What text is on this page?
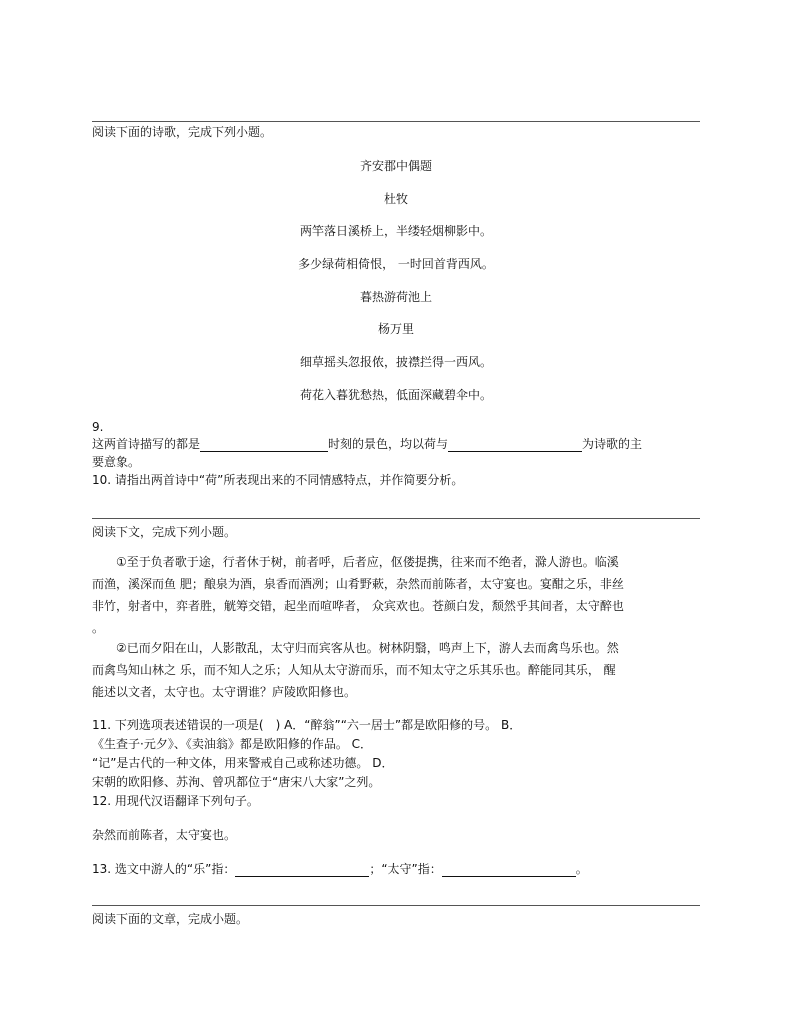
阅读下面的诗歌，完成下列小题。
齐安郡中偶题
杜牧
两竿落日溪桥上，半缕轻烟柳影中。
多少绿荷相倚恨， 一时回首背西风。
暮热游荷池上
杨万里
细草摇头忽报侬，披襟拦得一西风。
荷花入暮犹愁热，低面深藏碧伞中。
9.
这两首诗描写的都是	时刻的景色，均以荷与	为诗歌的主
要意象。
10. 请指出两首诗中“荷”所表现出来的不同情感特点，并作简要分析。
阅读下文，完成下列小题。
①至于负者歌于途，行者休于树，前者呼，后者应，伛偻提携，往来而不绝者，滁人游也。临溪
而渔，溪深而鱼 肥；酿泉为酒，泉香而酒冽；山肴野蔌，杂然而前陈者，太守宴也。宴酣之乐，非丝
非竹，射者中，弈者胜，觥筹交错，起坐而喧哗者， 众宾欢也。苍颜白发，颓然乎其间者，太守醉也
。
②已而夕阳在山，人影散乱，太守归而宾客从也。树林阴翳，鸣声上下，游人去而禽鸟乐也。然
而禽鸟知山林之 乐，而不知人之乐；人知从太守游而乐，而不知太守之乐其乐也。醉能同其乐， 醒
能述以文者，太守也。太守谓谁？庐陵欧阳修也。
11. 下列选项表述错误的一项是(　) A．“醉翁”“六一居士”都是欧阳修的号。 B．
《生查子·元夕》、《卖油翁》都是欧阳修的作品。 C．
“记”是古代的一种文体，用来警戒自己或称述功德。 D．
宋朝的欧阳修、苏洵、曾巩都位于“唐宋八大家”之列。
12. 用现代汉语翻译下列句子。
杂然而前陈者，太守宴也。
13. 选文中游人的“乐”指：	；“太守”指：	。
阅读下面的文章，完成小题。
